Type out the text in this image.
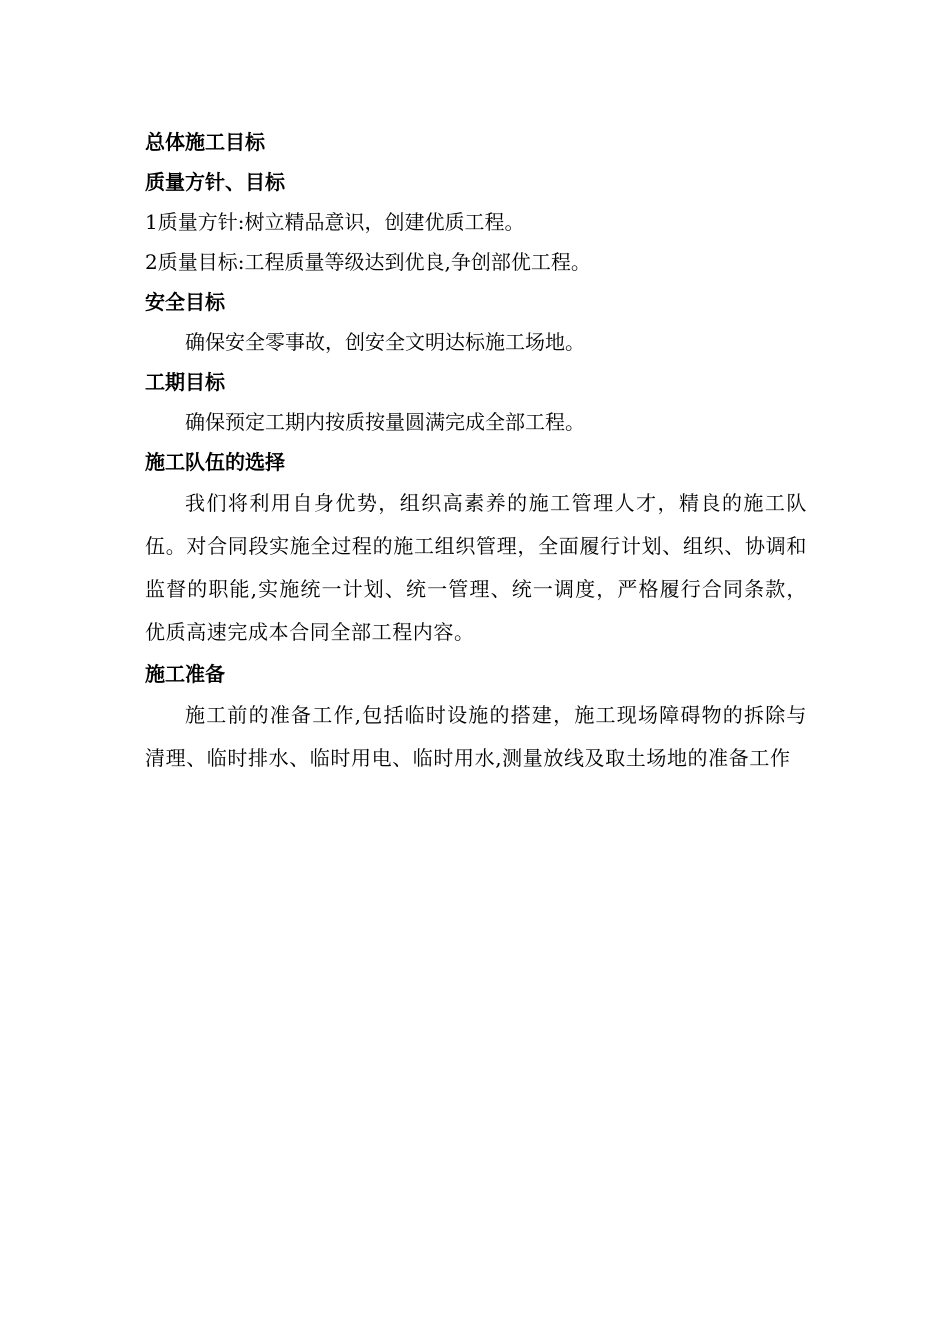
总体施工目标
质量方针、目标
1质量方针:树立精品意识，创建优质工程。
2质量目标:工程质量等级达到优良,争创部优工程。
安全目标
确保安全零事故，创安全文明达标施工场地。
工期目标
确保预定工期内按质按量圆满完成全部工程。
施工队伍的选择

我们将利用自身优势，组织高素养的施工管理人才，精良的施工队伍。对合同段实施全过程的施工组织管理，全面履行计划、组织、协调和监督的职能,实施统一计划、统一管理、统一调度，严格履行合同条款，优质高速完成本合同全部工程内容。

施工准备

施工前的准备工作,包括临时设施的搭建，施工现场障碍物的拆除与清理、临时排水、临时用电、临时用水,测量放线及取土场地的准备工作
